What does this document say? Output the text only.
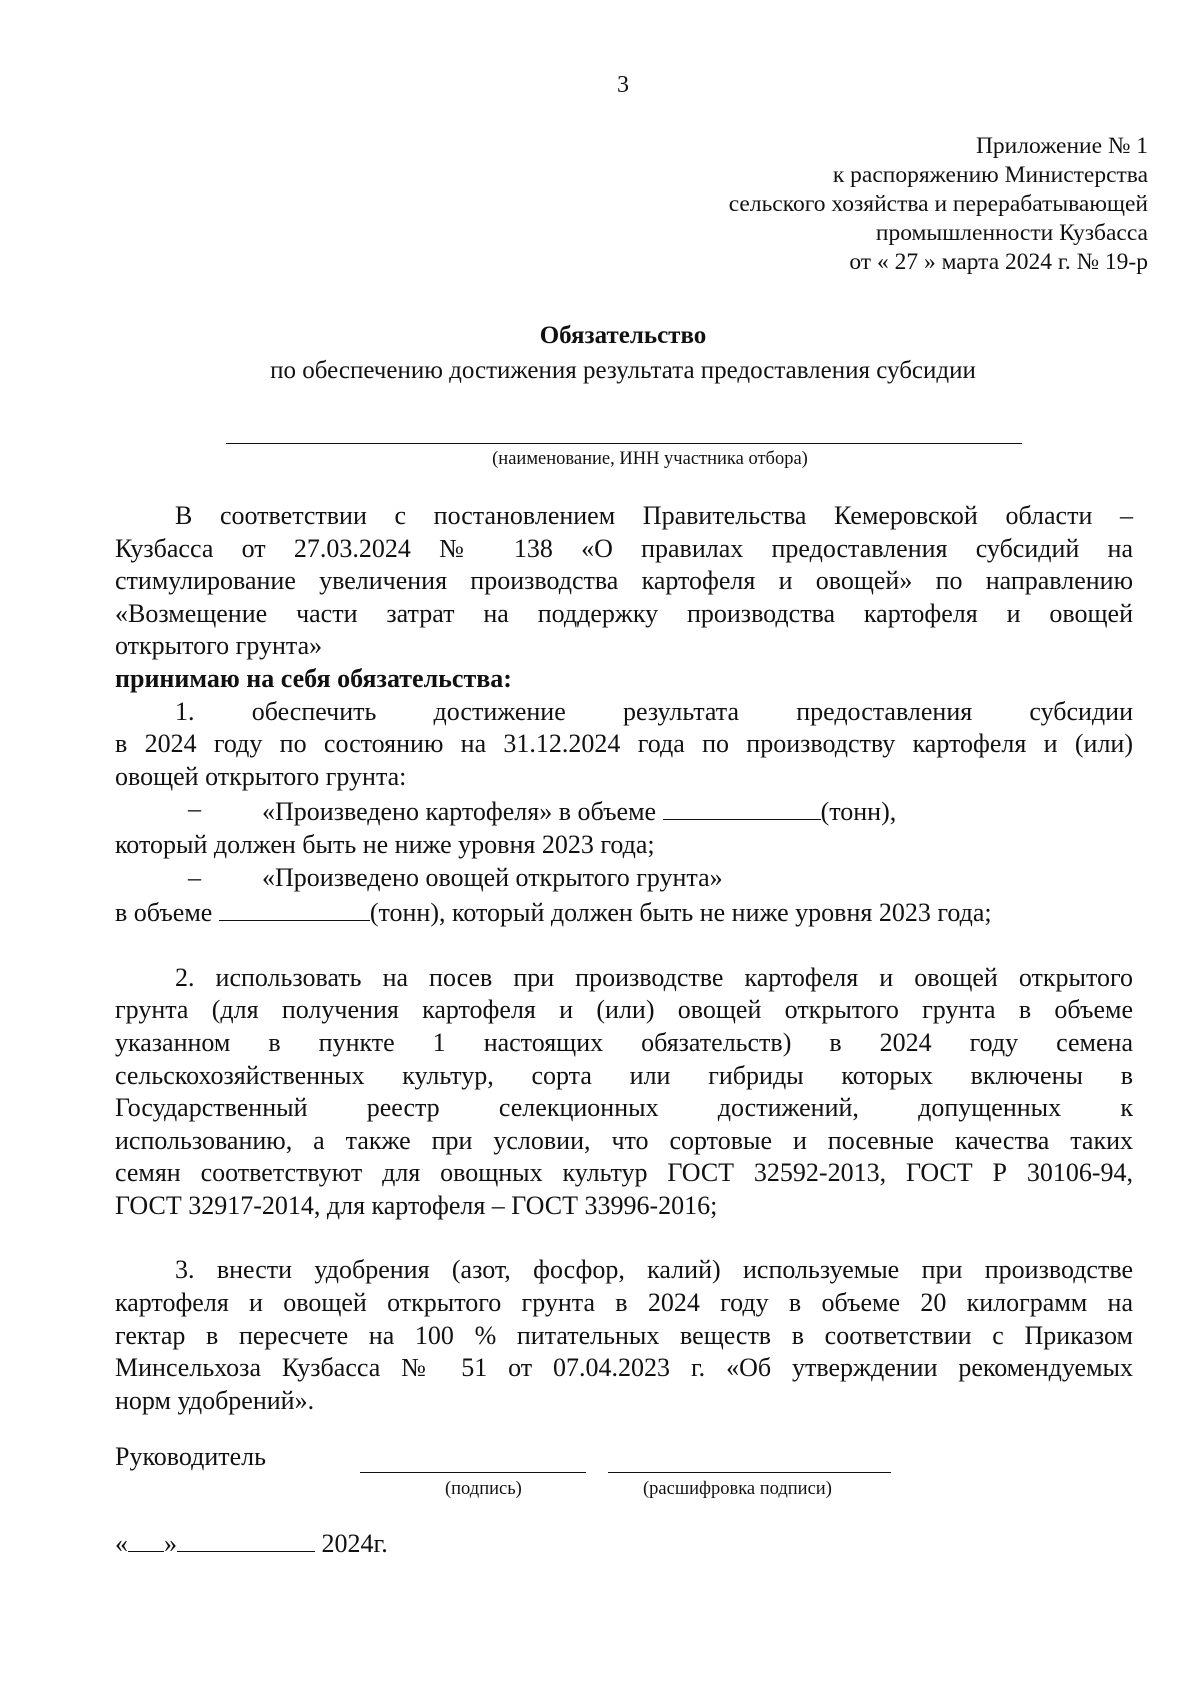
3
Приложение № 1
к распоряжению Министерства
сельского хозяйства и перерабатывающей
промышленности Кузбасса
от « 27 » марта 2024 г. № 19-р
Обязательство
по обеспечению достижения результата предоставления субсидии
(наименование, ИНН участника отбора)

В соответствии с постановлением Правительства Кемеровской области –

Кузбасса от 27.03.2024 № 138 «О правилах предоставления субсидий на

стимулирование увеличения производства картофеля и овощей» по направлению

«Возмещение части затрат на поддержку производства картофеля и овощей

открытого грунта»

принимаю на себя обязательства:

1. обеспечить достижение результата предоставления субсидии

в 2024 году по состоянию на 31.12.2024 года по производству картофеля и (или)

овощей открытого грунта:

– «Произведено картофеля» в объеме	(тонн),

который должен быть не ниже уровня 2023 года;

– «Произведено овощей открытого грунта»

в объеме	(тонн), который должен быть не ниже уровня 2023 года;

2. использовать на посев при производстве картофеля и овощей открытого

грунта (для получения картофеля и (или) овощей открытого грунта в объеме

указанном в пункте 1 настоящих обязательств) в 2024 году семена

сельскохозяйственных культур, сорта или гибриды которых включены в

Государственный реестр селекционных достижений, допущенных к

использованию, а также при условии, что сортовые и посевные качества таких

семян соответствуют для овощных культур ГОСТ 32592-2013, ГОСТ Р 30106-94,

ГОСТ 32917-2014, для картофеля – ГОСТ 33996-2016;

3. внести удобрения (азот, фосфор, калий) используемые при производстве

картофеля и овощей открытого грунта в 2024 году в объеме 20 килограмм на

гектар в пересчете на 100 % питательных веществ в соответствии с Приказом

Минсельхоза Кузбасса № 51 от 07.04.2023 г. «Об утверждении рекомендуемых

норм удобрений».

Руководитель
(подпись)	(расшифровка подписи)
« »	2024г.
